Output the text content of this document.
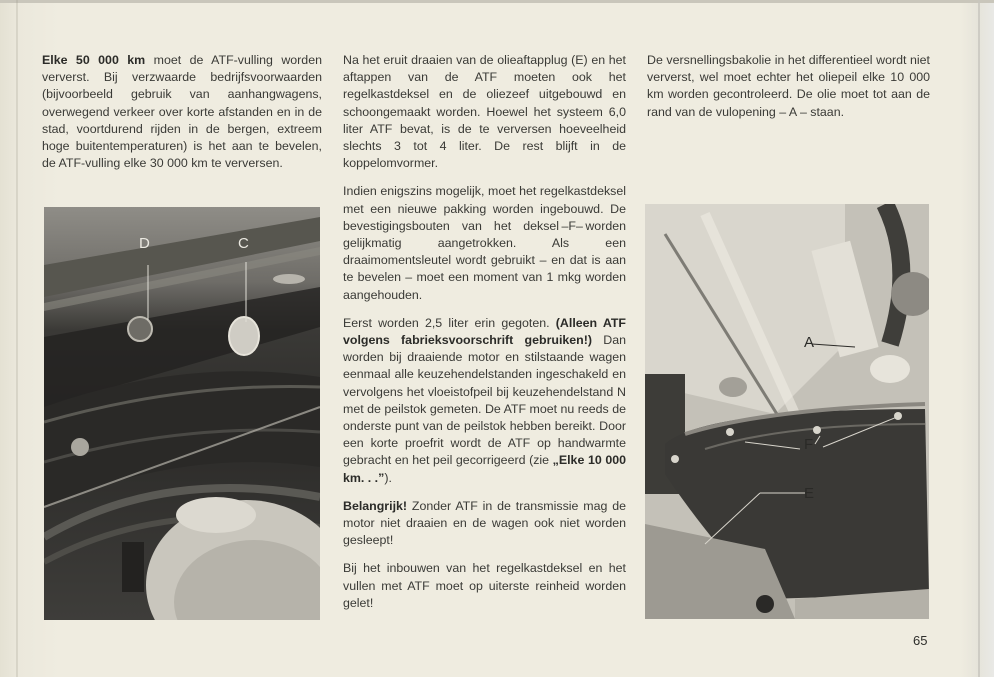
Elke 50 000 km moet de ATF-vulling worden ververst. Bij verzwaarde bedrijfsvoorwaarden (bijvoorbeeld gebruik van aanhangwagens, overwegend verkeer over korte afstanden en in de stad, voortdurend rijden in de bergen, extreem hoge buitentemperaturen) is het aan te bevelen, de ATF-vulling elke 30 000 km te verversen.

D	C

Na het eruit draaien van de olieaftapplug (E) en het aftappen van de ATF moeten ook het regelkastdeksel en de oliezeef uitgebouwd en schoongemaakt worden. Hoewel het systeem 6,0 liter ATF bevat, is de te verversen hoeveelheid slechts 3 tot 4 liter. De rest blijft in de koppelomvormer.

Indien enigszins mogelijk, moet het regelkastdeksel met een nieuwe pakking worden ingebouwd. De bevestigingsbouten van het deksel –F– worden gelijkmatig aangetrokken. Als een draaimomentsleutel wordt gebruikt – en dat is aan te bevelen – moet een moment van 1 mkg worden aangehouden.

Eerst worden 2,5 liter erin gegoten. (Alleen ATF volgens fabrieksvoorschrift gebruiken!) Dan worden bij draaiende motor en stilstaande wagen eenmaal alle keuzehendelstanden ingeschakeld en vervolgens het vloeistofpeil bij keuzehendelstand N met de peilstok gemeten. De ATF moet nu reeds de onderste punt van de peilstok hebben bereikt. Door een korte proefrit wordt de ATF op handwarmte gebracht en het peil gecorrigeerd (zie „Elke 10 000 km. . .”).

Belangrijk! Zonder ATF in de transmissie mag de motor niet draaien en de wagen ook niet worden gesleept!

Bij het inbouwen van het regelkastdeksel en het vullen met ATF moet op uiterste reinheid worden gelet!

De versnellingsbakolie in het differentieel wordt niet ververst, wel moet echter het oliepeil elke 10 000 km worden gecontroleerd. De olie moet tot aan de rand van de vulopening – A – staan.

A
F
E
65
